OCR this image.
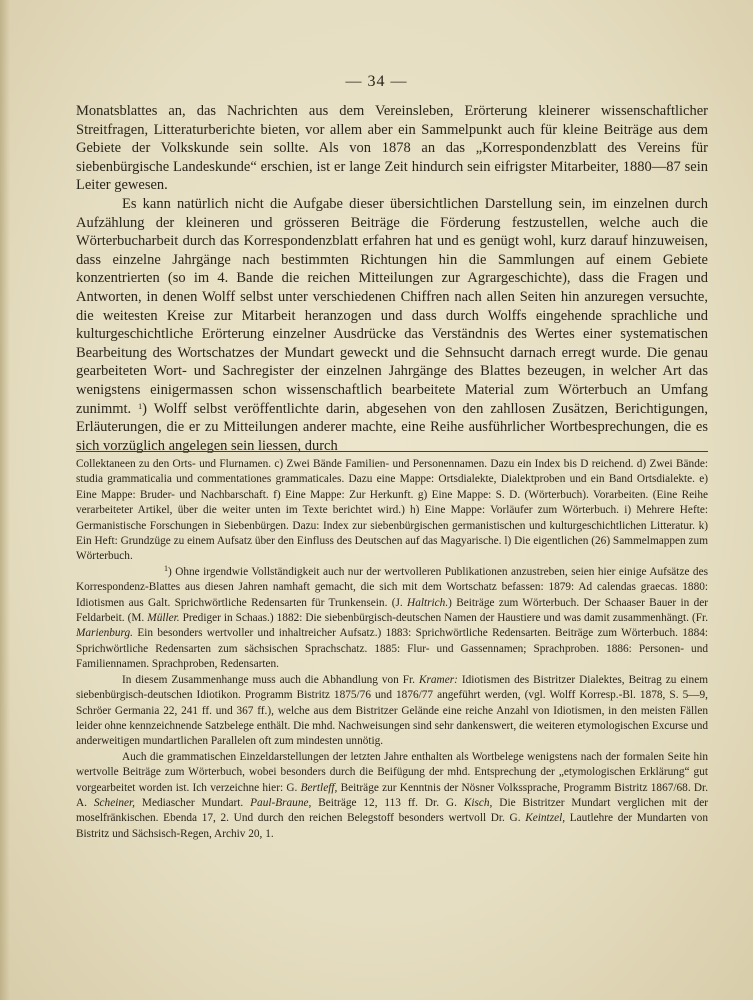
— 34 —

Monatsblattes an, das Nachrichten aus dem Vereinsleben, Erörterung kleinerer wissenschaftlicher Streitfragen, Litteraturberichte bieten, vor allem aber ein Sammelpunkt auch für kleine Beiträge aus dem Gebiete der Volkskunde sein sollte. Als von 1878 an das „Korrespondenzblatt des Vereins für siebenbürgische Landeskunde“ erschien, ist er lange Zeit hindurch sein eifrigster Mitarbeiter, 1880—87 sein Leiter gewesen.

Es kann natürlich nicht die Aufgabe dieser übersichtlichen Darstellung sein, im einzelnen durch Aufzählung der kleineren und grösseren Beiträge die Förderung festzustellen, welche auch die Wörterbucharbeit durch das Korrespondenzblatt erfahren hat und es genügt wohl, kurz darauf hinzuweisen, dass einzelne Jahrgänge nach bestimmten Richtungen hin die Sammlungen auf einem Gebiete konzentrierten (so im 4. Bande die reichen Mitteilungen zur Agrargeschichte), dass die Fragen und Antworten, in denen Wolff selbst unter verschiedenen Chiffren nach allen Seiten hin anzuregen versuchte, die weitesten Kreise zur Mitarbeit heranzogen und dass durch Wolffs eingehende sprachliche und kulturgeschichtliche Erörterung einzelner Ausdrücke das Verständnis des Wertes einer systematischen Bearbeitung des Wortschatzes der Mundart geweckt und die Sehnsucht darnach erregt wurde. Die genau gearbeiteten Wort- und Sachregister der einzelnen Jahrgänge des Blattes bezeugen, in welcher Art das wenigstens einigermassen schon wissenschaftlich bearbeitete Material zum Wörterbuch an Umfang zunimmt. $^1$) Wolff selbst veröffentlichte darin, abgesehen von den zahllosen Zusätzen, Berichtigungen, Erläuterungen, die er zu Mitteilungen anderer machte, eine Reihe ausführlicher Wortbesprechungen, die es sich vorzüglich angelegen sein liessen, durch

Collektaneen zu den Orts- und Flurnamen. c) Zwei Bände Familien- und Personennamen. Dazu ein Index bis D reichend. d) Zwei Bände: studia grammaticalia und commentationes grammaticales. Dazu eine Mappe: Ortsdialekte, Dialektproben und ein Band Ortsdialekte. e) Eine Mappe: Bruder- und Nachbarschaft. f) Eine Mappe: Zur Herkunft. g) Eine Mappe: S. D. (Wörterbuch). Vorarbeiten. (Eine Reihe verarbeiteter Artikel, über die weiter unten im Texte berichtet wird.) h) Eine Mappe: Vorläufer zum Wörterbuch. i) Mehrere Hefte: Germanistische Forschungen in Siebenbürgen. Dazu: Index zur siebenbürgischen germanistischen und kulturgeschichtlichen Litteratur. k) Ein Heft: Grundzüge zu einem Aufsatz über den Einfluss des Deutschen auf das Magyarische. l) Die eigentlichen (26) Sammelmappen zum Wörterbuch.

$^1$) Ohne irgendwie Vollständigkeit auch nur der wertvolleren Publikationen anzustreben, seien hier einige Aufsätze des Korrespondenz-Blattes aus diesen Jahren namhaft gemacht, die sich mit dem Wortschatz befassen: 1879: Ad calendas graecas. 1880: Idiotismen aus Galt. Sprichwörtliche Redensarten für Trunkensein. (J. Haltrich.) Beiträge zum Wörterbuch. Der Schaaser Bauer in der Feldarbeit. (M. Müller. Prediger in Schaas.) 1882: Die siebenbürgisch-deutschen Namen der Haustiere und was damit zusammenhängt. (Fr. Marienburg. Ein besonders wertvoller und inhaltreicher Aufsatz.) 1883: Sprichwörtliche Redensarten. Beiträge zum Wörterbuch. 1884: Sprichwörtliche Redensarten zum sächsischen Sprachschatz. 1885: Flur- und Gassennamen; Sprachproben. 1886: Personen- und Familiennamen. Sprachproben, Redensarten.

In diesem Zusammenhange muss auch die Abhandlung von Fr. Kramer: Idiotismen des Bistritzer Dialektes, Beitrag zu einem siebenbürgisch-deutschen Idiotikon. Programm Bistritz 1875/76 und 1876/77 angeführt werden, (vgl. Wolff Korresp.-Bl. 1878, S. 5—9, Schröer Germania 22, 241 ff. und 367 ff.), welche aus dem Bistritzer Gelände eine reiche Anzahl von Idiotismen, in den meisten Fällen leider ohne kennzeichnende Satzbelege enthält. Die mhd. Nachweisungen sind sehr dankenswert, die weiteren etymologischen Excurse und anderweitigen mundartlichen Parallelen oft zum mindesten unnötig.

Auch die grammatischen Einzeldarstellungen der letzten Jahre enthalten als Wortbelege wenigstens nach der formalen Seite hin wertvolle Beiträge zum Wörterbuch, wobei besonders durch die Beifügung der mhd. Entsprechung der „etymologischen Erklärung“ gut vorgearbeitet worden ist. Ich verzeichne hier: G. Bertleff, Beiträge zur Kenntnis der Nösner Volkssprache, Programm Bistritz 1867/68. Dr. A. Scheiner, Mediascher Mundart. Paul-Braune, Beiträge 12, 113 ff. Dr. G. Kisch, Die Bistritzer Mundart verglichen mit der moselfränkischen. Ebenda 17, 2. Und durch den reichen Belegstoff besonders wertvoll Dr. G. Keintzel, Lautlehre der Mundarten von Bistritz und Sächsisch-Regen, Archiv 20, 1.
